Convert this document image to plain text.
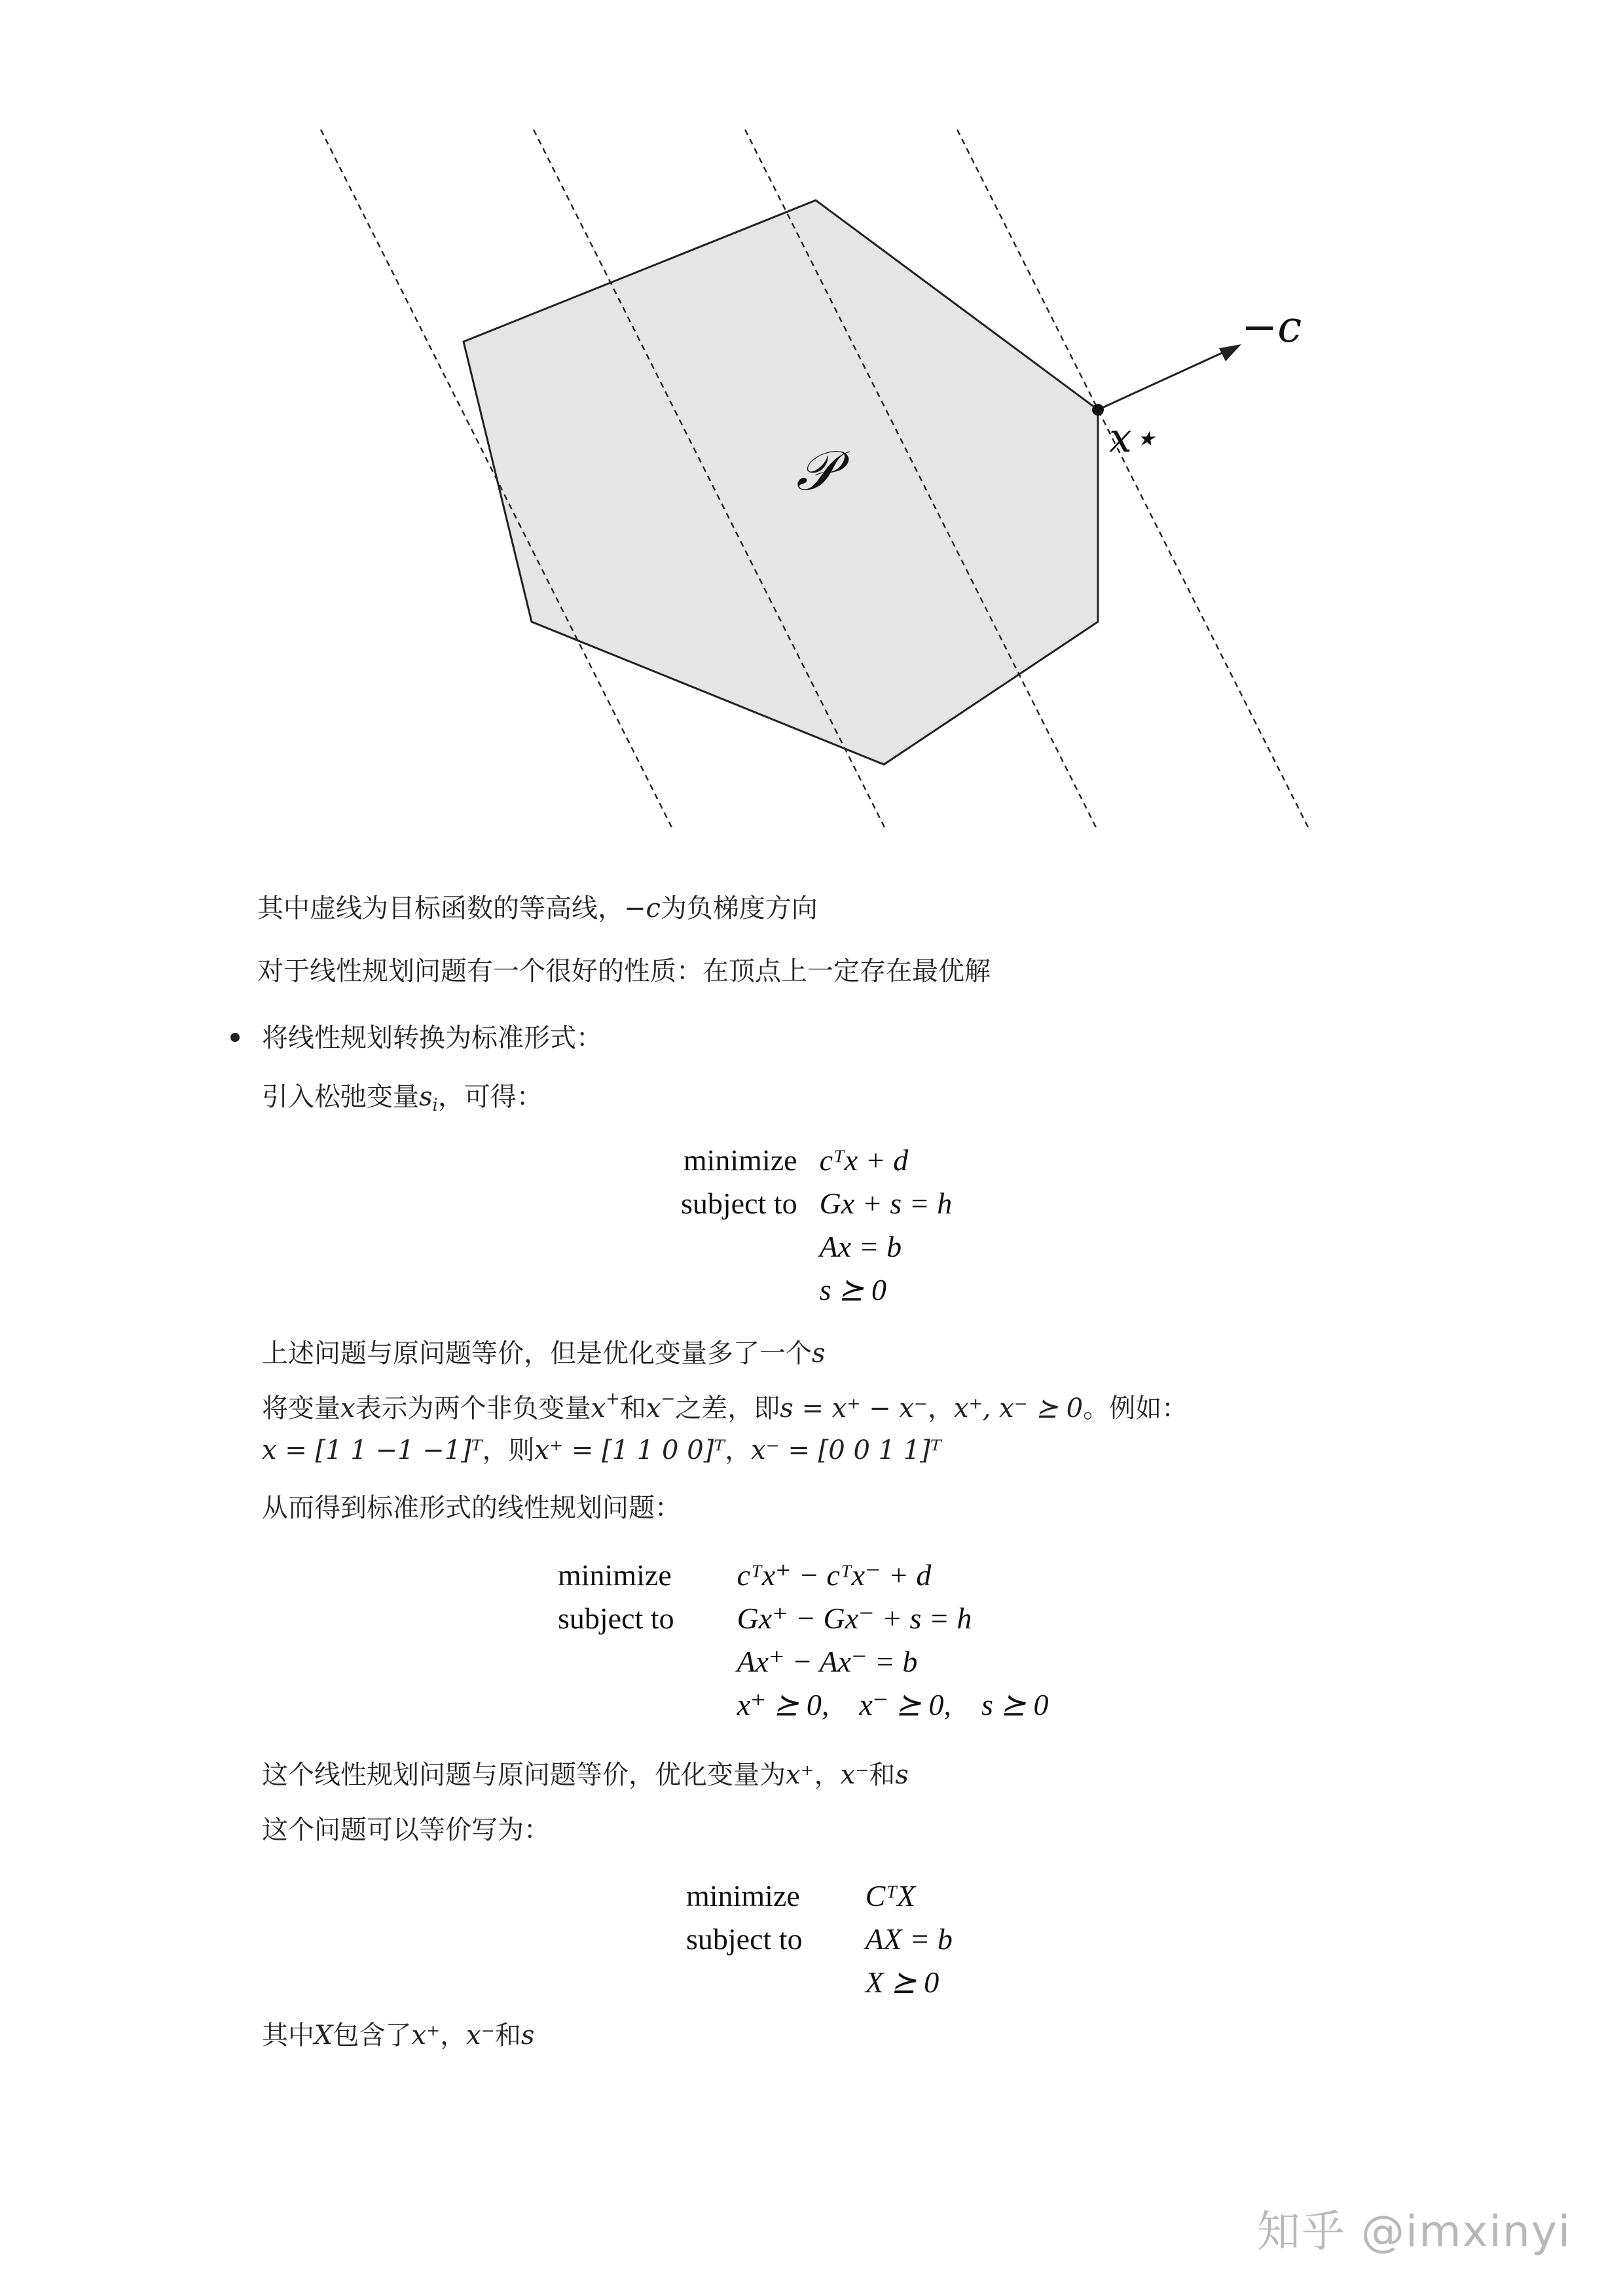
𝒫
−c
x⋆
其中虚线为目标函数的等高线，−c为负梯度方向
对于线性规划问题有一个很好的性质：在顶点上一定存在最优解
将线性规划转换为标准形式：
引入松弛变量$s_i$，可得：
minimize	cᵀx + d
subject to	Gx + s = h
	Ax = b
	s ⪰ 0
上述问题与原问题等价，但是优化变量多了一个s
将变量x表示为两个非负变量x+和x−之差，即s = x⁺ − x⁻，x⁺, x⁻ ⪰ 0。例如：
x = [1 1 −1 −1]ᵀ，则x⁺ = [1 1 0 0]ᵀ，x⁻ = [0 0 1 1]ᵀ
从而得到标准形式的线性规划问题：
minimize	cᵀx⁺ − cᵀx⁻ + d
subject to	Gx⁺ − Gx⁻ + s = h
	Ax⁺ − Ax⁻ = b
	x⁺ ⪰ 0,    x⁻ ⪰ 0,    s ⪰ 0
这个线性规划问题与原问题等价，优化变量为x⁺，x⁻和s
这个问题可以等价写为：
minimize	CᵀX
subject to	AX = b
	X ⪰ 0
其中X包含了x⁺，x⁻和s
知乎 @imxinyi
